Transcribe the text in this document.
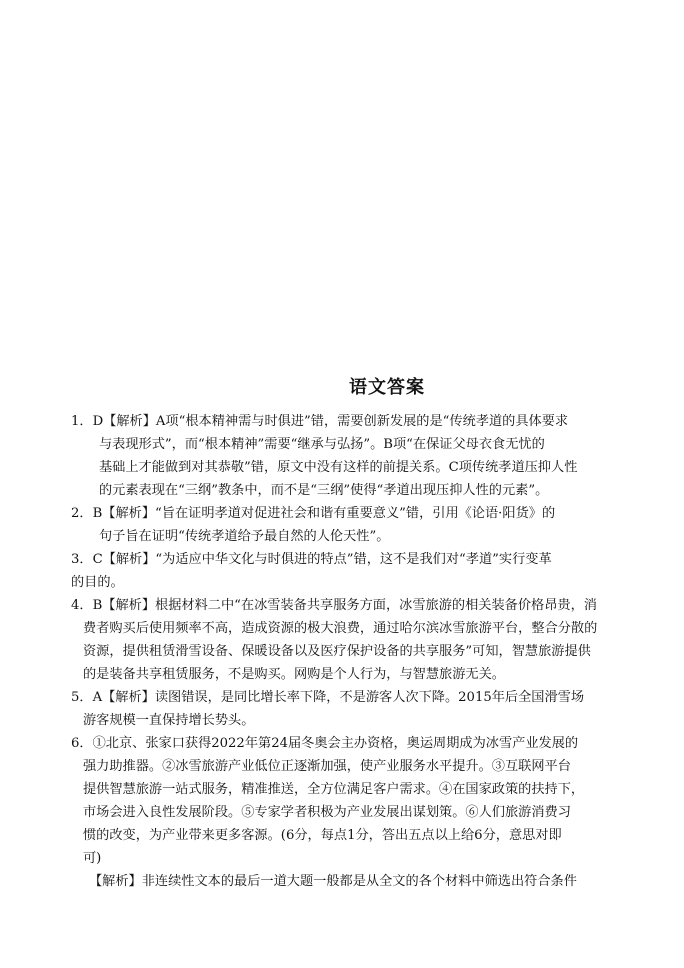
语文答案
1．D【解析】A项“根本精神需与时俱进”错，需要创新发展的是“传统孝道的具体要求
与表现形式”，而“根本精神”需要“继承与弘扬”。B项“在保证父母衣食无忧的
基础上才能做到对其恭敬”错，原文中没有这样的前提关系。C项传统孝道压抑人性
的元素表现在“三纲”教条中，而不是“三纲”使得“孝道出现压抑人性的元素”。
2．B【解析】“旨在证明孝道对促进社会和谐有重要意义”错，引用《论语·阳货》的
句子旨在证明“传统孝道给予最自然的人伦天性”。
3．C【解析】“为适应中华文化与时俱进的特点”错，这不是我们对“孝道”实行变革
的目的。
4．B【解析】根据材料二中“在冰雪装备共享服务方面，冰雪旅游的相关装备价格昂贵，消
费者购买后使用频率不高，造成资源的极大浪费，通过哈尔滨冰雪旅游平台，整合分散的
资源，提供租赁滑雪设备、保暖设备以及医疗保护设备的共享服务”可知，智慧旅游提供
的是装备共享租赁服务，不是购买。网购是个人行为，与智慧旅游无关。
5．A【解析】读图错误，是同比增长率下降，不是游客人次下降。2015年后全国滑雪场
游客规模一直保持增长势头。
6．①北京、张家口获得2022年第24届冬奥会主办资格，奥运周期成为冰雪产业发展的
强力助推器。②冰雪旅游产业低位正逐渐加强，使产业服务水平提升。③互联网平台
提供智慧旅游一站式服务，精准推送，全方位满足客户需求。④在国家政策的扶持下，
市场会进入良性发展阶段。⑤专家学者积极为产业发展出谋划策。⑥人们旅游消费习
惯的改变，为产业带来更多客源。(6分，每点1分，答出五点以上给6分，意思对即
可)
【解析】非连续性文本的最后一道大题一般都是从全文的各个材料中筛选出符合条件
